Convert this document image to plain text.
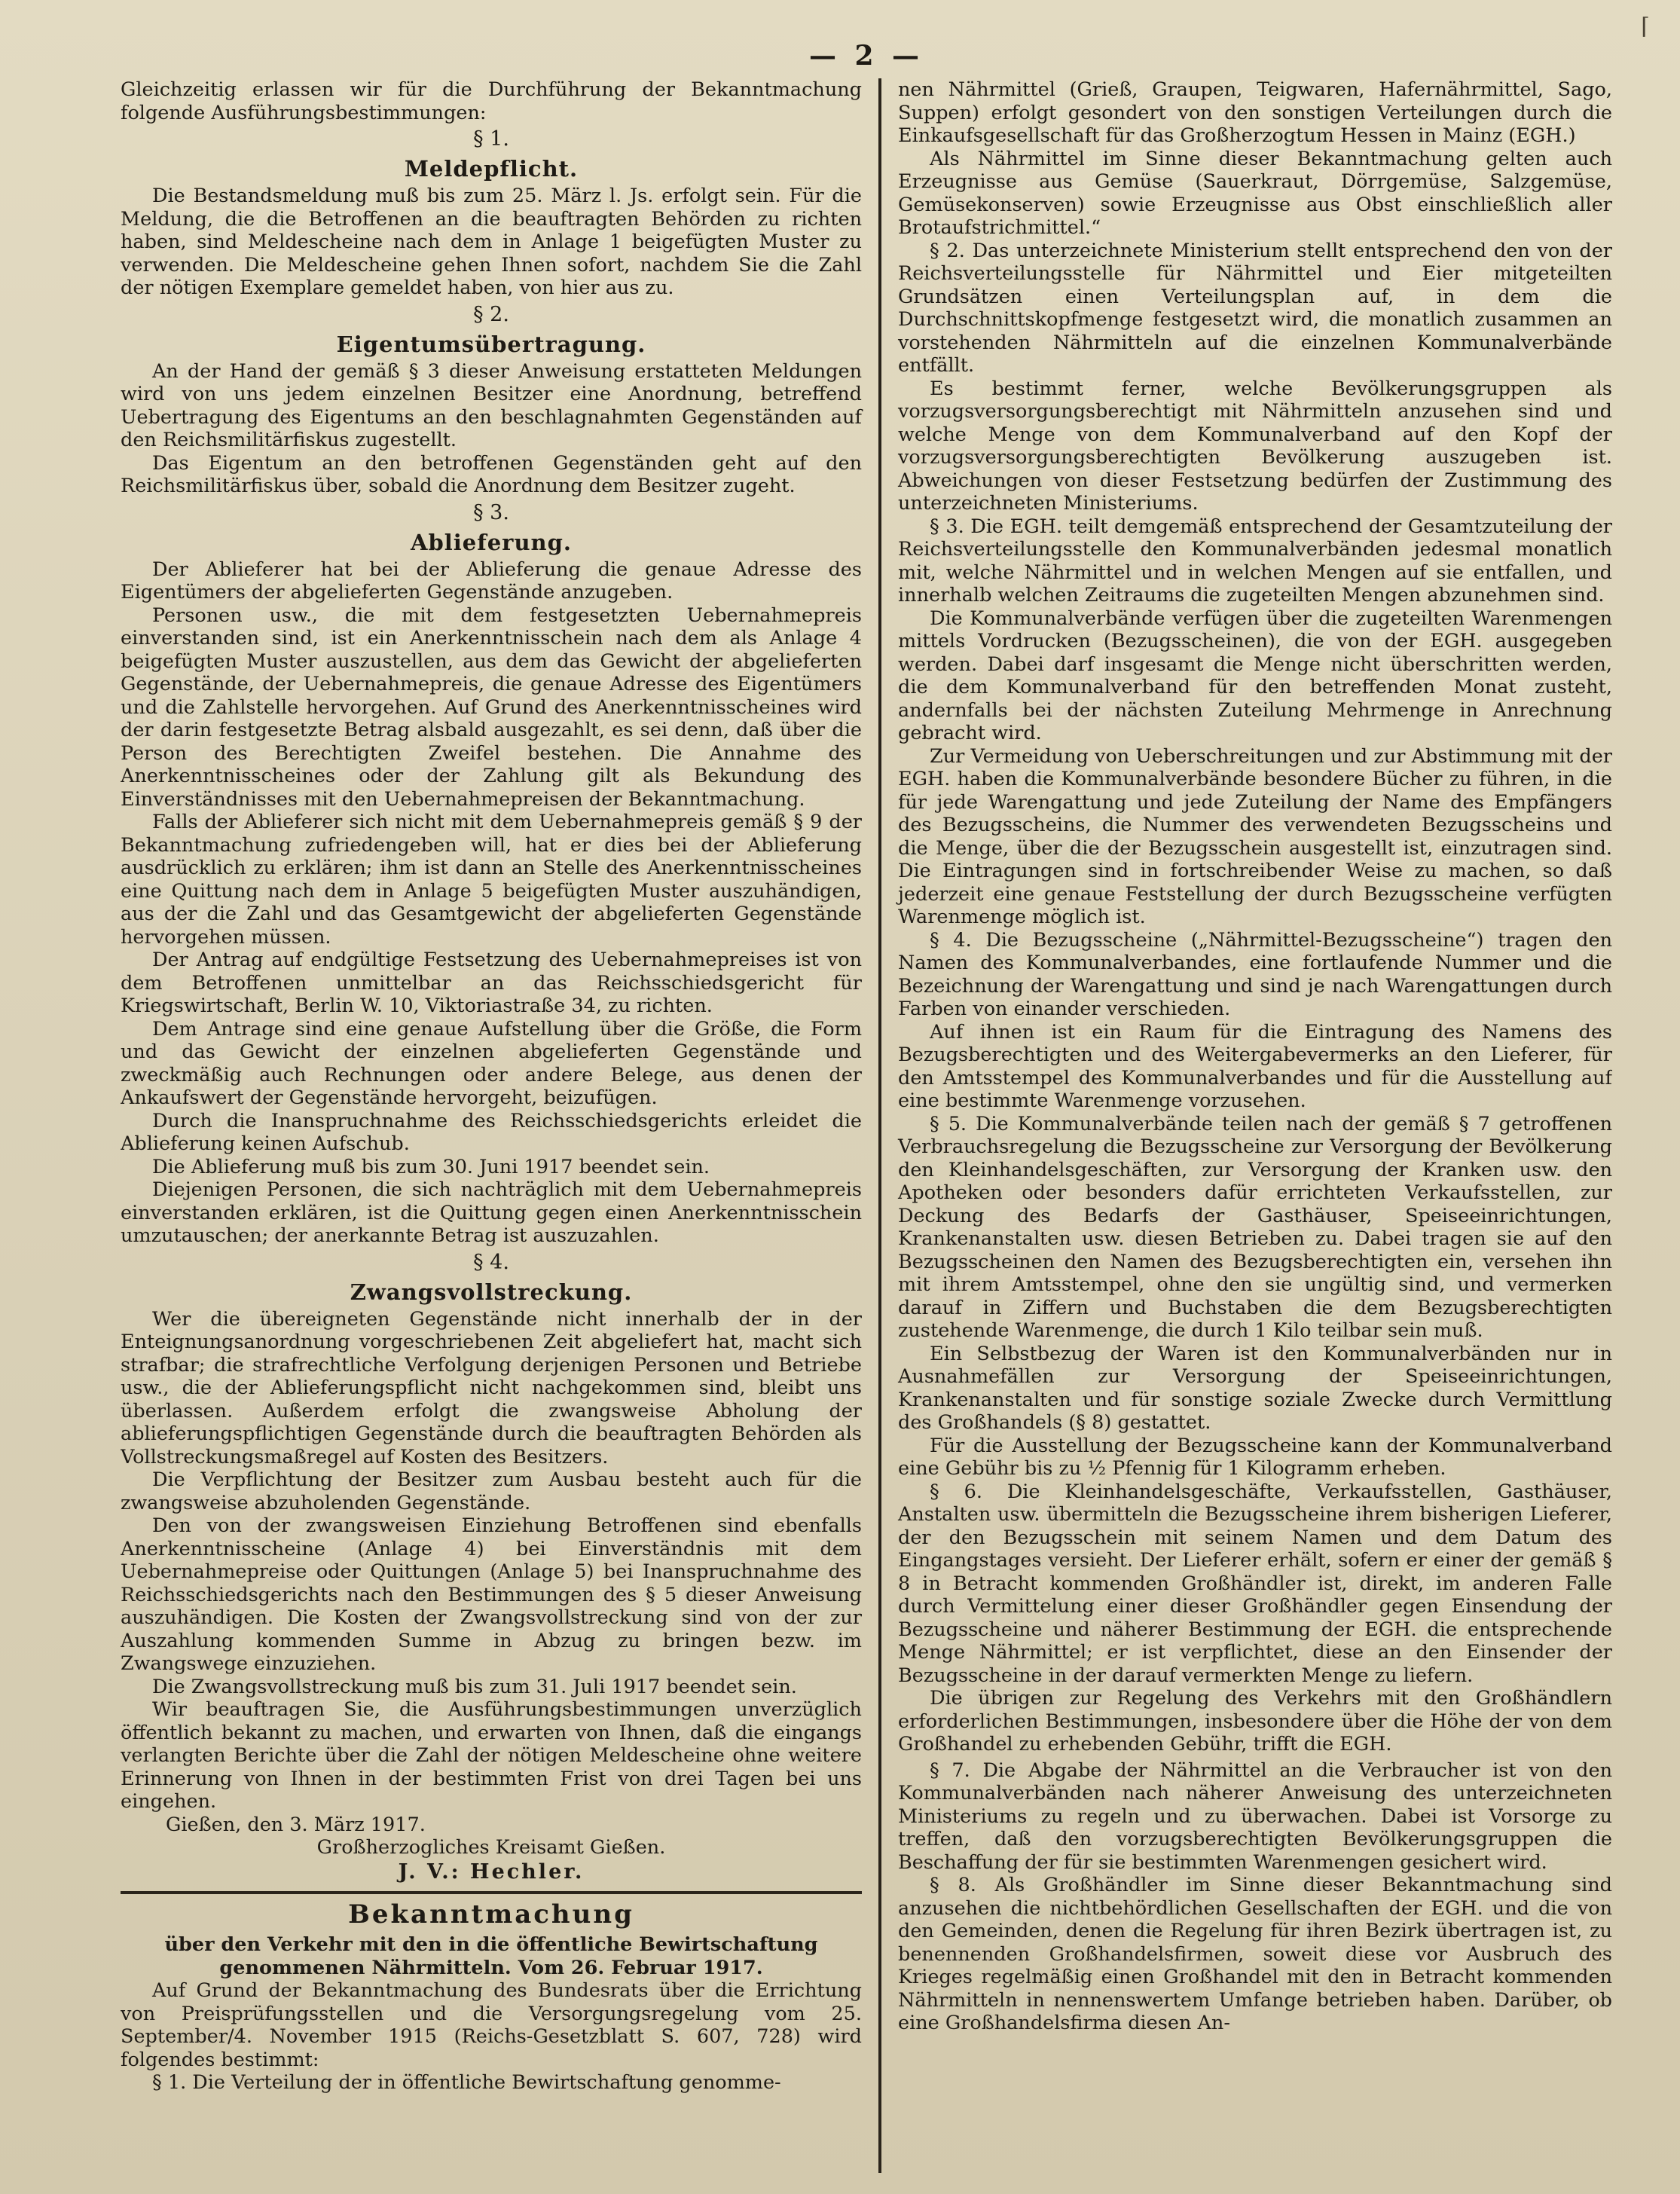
⌈
— 2 —

Gleichzeitig erlassen wir für die Durchführung der Bekanntmachung folgende Ausführungsbestimmungen:

§ 1.
Meldepflicht.

Die Bestandsmeldung muß bis zum 25. März l. Js. erfolgt sein. Für die Meldung, die die Betroffenen an die beauftragten Behörden zu richten haben, sind Meldescheine nach dem in Anlage 1 beigefügten Muster zu verwenden. Die Meldescheine gehen Ihnen sofort, nachdem Sie die Zahl der nötigen Exemplare gemeldet haben, von hier aus zu.

§ 2.
Eigentumsübertragung.

An der Hand der gemäß § 3 dieser Anweisung erstatteten Meldungen wird von uns jedem einzelnen Besitzer eine Anordnung, betreffend Uebertragung des Eigentums an den beschlagnahmten Gegenständen auf den Reichsmilitärfiskus zugestellt.

Das Eigentum an den betroffenen Gegenständen geht auf den Reichsmilitärfiskus über, sobald die Anordnung dem Besitzer zugeht.

§ 3.
Ablieferung.

Der Ablieferer hat bei der Ablieferung die genaue Adresse des Eigentümers der abgelieferten Gegenstände anzugeben.

Personen usw., die mit dem festgesetzten Uebernahmepreis einverstanden sind, ist ein Anerkenntnisschein nach dem als Anlage 4 beigefügten Muster auszustellen, aus dem das Gewicht der abgelieferten Gegenstände, der Uebernahmepreis, die genaue Adresse des Eigentümers und die Zahlstelle hervorgehen. Auf Grund des Anerkenntnisscheines wird der darin festgesetzte Betrag alsbald ausgezahlt, es sei denn, daß über die Person des Berechtigten Zweifel bestehen. Die Annahme des Anerkenntnisscheines oder der Zahlung gilt als Bekundung des Einverständnisses mit den Uebernahmepreisen der Bekanntmachung.

Falls der Ablieferer sich nicht mit dem Uebernahmepreis gemäß § 9 der Bekanntmachung zufriedengeben will, hat er dies bei der Ablieferung ausdrücklich zu erklären; ihm ist dann an Stelle des Anerkenntnisscheines eine Quittung nach dem in Anlage 5 beigefügten Muster auszuhändigen, aus der die Zahl und das Gesamtgewicht der abgelieferten Gegenstände hervorgehen müssen.

Der Antrag auf endgültige Festsetzung des Uebernahmepreises ist von dem Betroffenen unmittelbar an das Reichsschiedsgericht für Kriegswirtschaft, Berlin W. 10, Viktoriastraße 34, zu richten.

Dem Antrage sind eine genaue Aufstellung über die Größe, die Form und das Gewicht der einzelnen abgelieferten Gegenstände und zweckmäßig auch Rechnungen oder andere Belege, aus denen der Ankaufswert der Gegenstände hervorgeht, beizufügen.

Durch die Inanspruchnahme des Reichsschiedsgerichts erleidet die Ablieferung keinen Aufschub.

Die Ablieferung muß bis zum 30. Juni 1917 beendet sein.

Diejenigen Personen, die sich nachträglich mit dem Uebernahmepreis einverstanden erklären, ist die Quittung gegen einen Anerkenntnisschein umzutauschen; der anerkannte Betrag ist auszuzahlen.

§ 4.
Zwangsvollstreckung.

Wer die übereigneten Gegenstände nicht innerhalb der in der Enteignungsanordnung vorgeschriebenen Zeit abgeliefert hat, macht sich strafbar; die strafrechtliche Verfolgung derjenigen Personen und Betriebe usw., die der Ablieferungspflicht nicht nachgekommen sind, bleibt uns überlassen. Außerdem erfolgt die zwangsweise Abholung der ablieferungspflichtigen Gegenstände durch die beauftragten Behörden als Vollstreckungsmaßregel auf Kosten des Besitzers.

Die Verpflichtung der Besitzer zum Ausbau besteht auch für die zwangsweise abzuholenden Gegenstände.

Den von der zwangsweisen Einziehung Betroffenen sind ebenfalls Anerkenntnisscheine (Anlage 4) bei Einverständnis mit dem Uebernahmepreise oder Quittungen (Anlage 5) bei Inanspruchnahme des Reichsschiedsgerichts nach den Bestimmungen des § 5 dieser Anweisung auszuhändigen. Die Kosten der Zwangsvollstreckung sind von der zur Auszahlung kommenden Summe in Abzug zu bringen bezw. im Zwangswege einzuziehen.

Die Zwangsvollstreckung muß bis zum 31. Juli 1917 beendet sein.

Wir beauftragen Sie, die Ausführungsbestimmungen unverzüglich öffentlich bekannt zu machen, und erwarten von Ihnen, daß die eingangs verlangten Berichte über die Zahl der nötigen Meldescheine ohne weitere Erinnerung von Ihnen in der bestimmten Frist von drei Tagen bei uns eingehen.

Gießen, den 3. März 1917.

Großherzogliches Kreisamt Gießen.
J. V.: Hechler.
Bekanntmachung
über den Verkehr mit den in die öffentliche Bewirtschaftung genommenen Nährmitteln. Vom 26. Februar 1917.

Auf Grund der Bekanntmachung des Bundesrats über die Errichtung von Preisprüfungsstellen und die Versorgungsregelung vom 25. September/4. November 1915 (Reichs-Gesetzblatt S. 607, 728) wird folgendes bestimmt:

§ 1. Die Verteilung der in öffentliche Bewirtschaftung genomme-

nen Nährmittel (Grieß, Graupen, Teigwaren, Hafernährmittel, Sago, Suppen) erfolgt gesondert von den sonstigen Verteilungen durch die Einkaufsgesellschaft für das Großherzogtum Hessen in Mainz (EGH.)

Als Nährmittel im Sinne dieser Bekanntmachung gelten auch Erzeugnisse aus Gemüse (Sauerkraut, Dörrgemüse, Salzgemüse, Gemüsekonserven) sowie Erzeugnisse aus Obst einschließlich aller Brotaufstrichmittel.“

§ 2. Das unterzeichnete Ministerium stellt entsprechend den von der Reichsverteilungsstelle für Nährmittel und Eier mitgeteilten Grundsätzen einen Verteilungsplan auf, in dem die Durchschnittskopfmenge festgesetzt wird, die monatlich zusammen an vorstehenden Nährmitteln auf die einzelnen Kommunalverbände entfällt.

Es bestimmt ferner, welche Bevölkerungsgruppen als vorzugsversorgungsberechtigt mit Nährmitteln anzusehen sind und welche Menge von dem Kommunalverband auf den Kopf der vorzugsversorgungsberechtigten Bevölkerung auszugeben ist. Abweichungen von dieser Festsetzung bedürfen der Zustimmung des unterzeichneten Ministeriums.

§ 3. Die EGH. teilt demgemäß entsprechend der Gesamtzuteilung der Reichsverteilungsstelle den Kommunalverbänden jedesmal monatlich mit, welche Nährmittel und in welchen Mengen auf sie entfallen, und innerhalb welchen Zeitraums die zugeteilten Mengen abzunehmen sind.

Die Kommunalverbände verfügen über die zugeteilten Warenmengen mittels Vordrucken (Bezugsscheinen), die von der EGH. ausgegeben werden. Dabei darf insgesamt die Menge nicht überschritten werden, die dem Kommunalverband für den betreffenden Monat zusteht, andernfalls bei der nächsten Zuteilung Mehrmenge in Anrechnung gebracht wird.

Zur Vermeidung von Ueberschreitungen und zur Abstimmung mit der EGH. haben die Kommunalverbände besondere Bücher zu führen, in die für jede Warengattung und jede Zuteilung der Name des Empfängers des Bezugsscheins, die Nummer des verwendeten Bezugsscheins und die Menge, über die der Bezugsschein ausgestellt ist, einzutragen sind. Die Eintragungen sind in fortschreibender Weise zu machen, so daß jederzeit eine genaue Feststellung der durch Bezugsscheine verfügten Warenmenge möglich ist.

§ 4. Die Bezugsscheine („Nährmittel-Bezugsscheine“) tragen den Namen des Kommunalverbandes, eine fortlaufende Nummer und die Bezeichnung der Warengattung und sind je nach Warengattungen durch Farben von einander verschieden.

Auf ihnen ist ein Raum für die Eintragung des Namens des Bezugsberechtigten und des Weitergabevermerks an den Lieferer, für den Amtsstempel des Kommunalverbandes und für die Ausstellung auf eine bestimmte Warenmenge vorzusehen.

§ 5. Die Kommunalverbände teilen nach der gemäß § 7 getroffenen Verbrauchsregelung die Bezugsscheine zur Versorgung der Bevölkerung den Kleinhandelsgeschäften, zur Versorgung der Kranken usw. den Apotheken oder besonders dafür errichteten Verkaufsstellen, zur Deckung des Bedarfs der Gasthäuser, Speiseeinrichtungen, Krankenanstalten usw. diesen Betrieben zu. Dabei tragen sie auf den Bezugsscheinen den Namen des Bezugsberechtigten ein, versehen ihn mit ihrem Amtsstempel, ohne den sie ungültig sind, und vermerken darauf in Ziffern und Buchstaben die dem Bezugsberechtigten zustehende Warenmenge, die durch 1 Kilo teilbar sein muß.

Ein Selbstbezug der Waren ist den Kommunalverbänden nur in Ausnahmefällen zur Versorgung der Speiseeinrichtungen, Krankenanstalten und für sonstige soziale Zwecke durch Vermittlung des Großhandels (§ 8) gestattet.

Für die Ausstellung der Bezugsscheine kann der Kommunalverband eine Gebühr bis zu ½ Pfennig für 1 Kilogramm erheben.

§ 6. Die Kleinhandelsgeschäfte, Verkaufsstellen, Gasthäuser, Anstalten usw. übermitteln die Bezugsscheine ihrem bisherigen Lieferer, der den Bezugsschein mit seinem Namen und dem Datum des Eingangstages versieht. Der Lieferer erhält, sofern er einer der gemäß § 8 in Betracht kommenden Großhändler ist, direkt, im anderen Falle durch Vermittelung einer dieser Großhändler gegen Einsendung der Bezugsscheine und näherer Bestimmung der EGH. die entsprechende Menge Nährmittel; er ist verpflichtet, diese an den Einsender der Bezugsscheine in der darauf vermerkten Menge zu liefern.

Die übrigen zur Regelung des Verkehrs mit den Großhändlern erforderlichen Bestimmungen, insbesondere über die Höhe der von dem Großhandel zu erhebenden Gebühr, trifft die EGH.

§ 7. Die Abgabe der Nährmittel an die Verbraucher ist von den Kommunalverbänden nach näherer Anweisung des unterzeichneten Ministeriums zu regeln und zu überwachen. Dabei ist Vorsorge zu treffen, daß den vorzugsberechtigten Bevölkerungsgruppen die Beschaffung der für sie bestimmten Warenmengen gesichert wird.

§ 8. Als Großhändler im Sinne dieser Bekanntmachung sind anzusehen die nichtbehördlichen Gesellschaften der EGH. und die von den Gemeinden, denen die Regelung für ihren Bezirk übertragen ist, zu benennenden Großhandelsfirmen, soweit diese vor Ausbruch des Krieges regelmäßig einen Großhandel mit den in Betracht kommenden Nährmitteln in nennenswertem Umfange betrieben haben. Darüber, ob eine Großhandelsfirma diesen An-
